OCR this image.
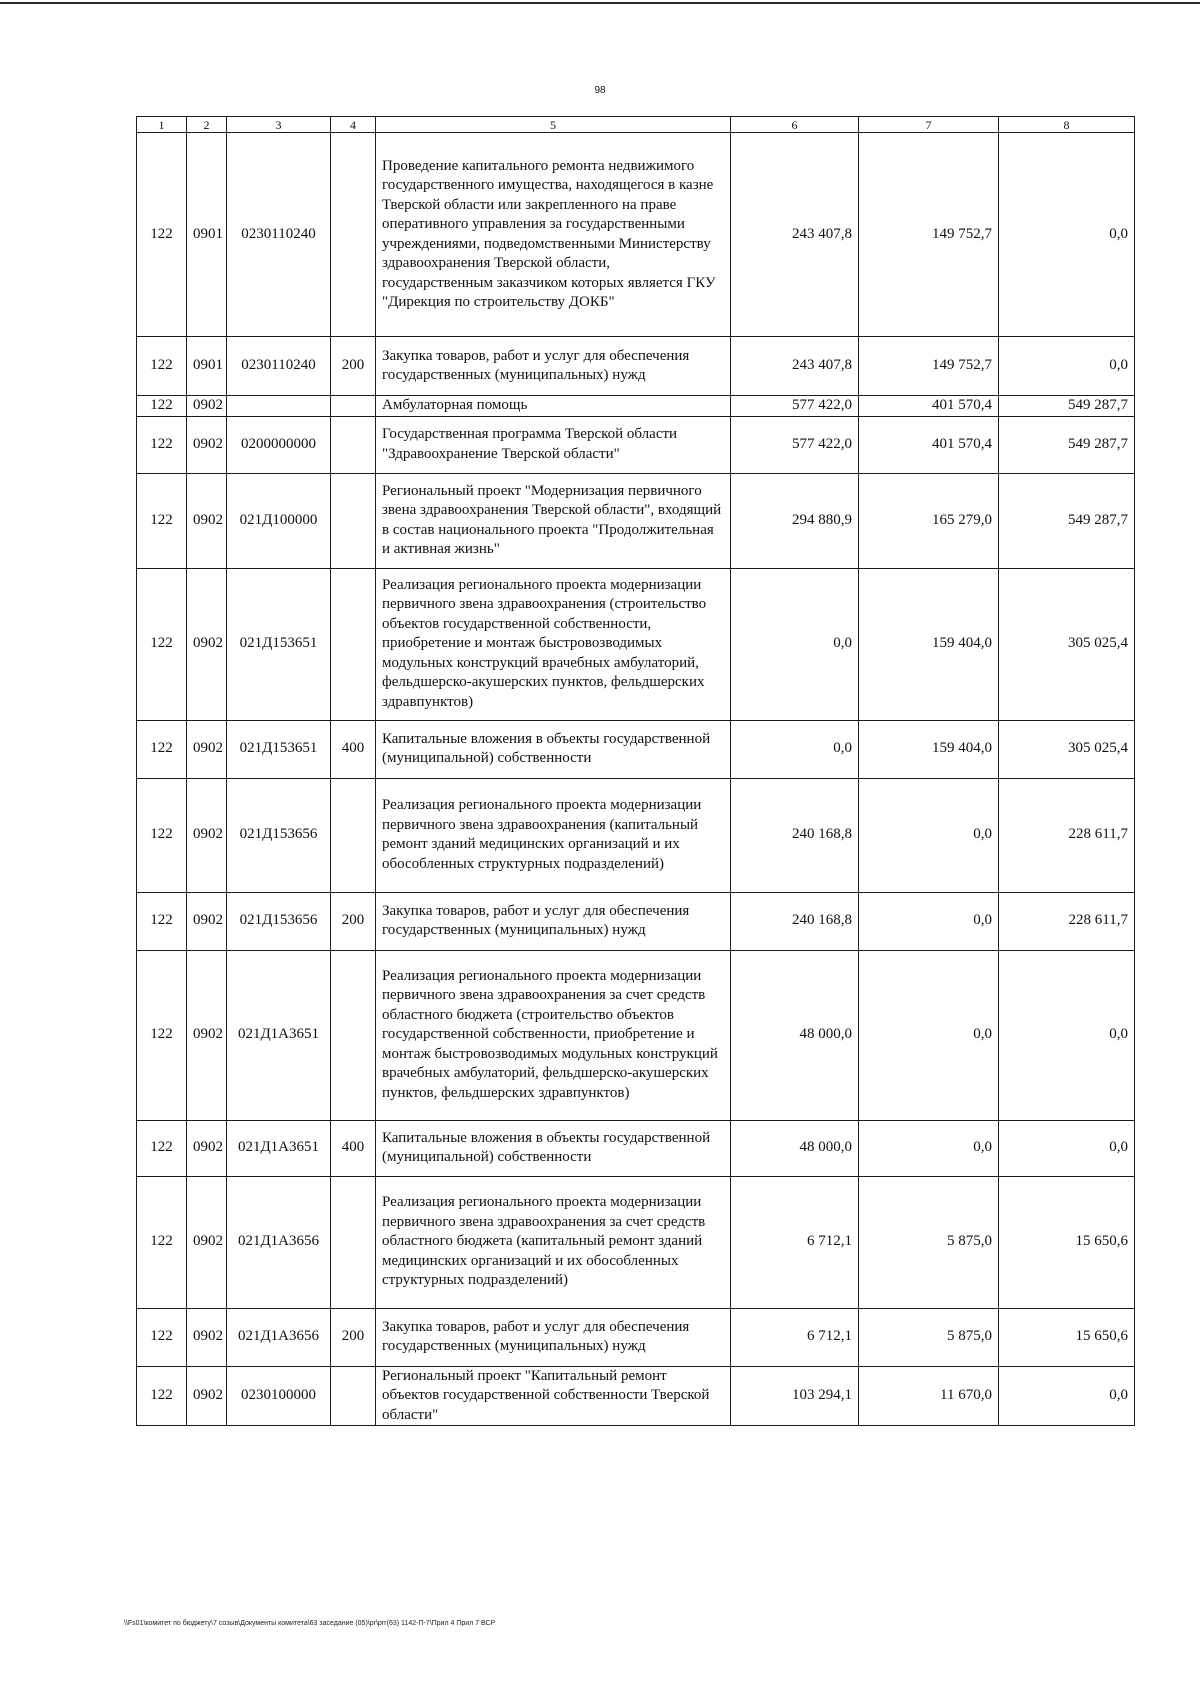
98
1	2	3	4	5	6	7	8
122	0901	0230110240		Проведение капитального ремонта недвижимого государственного имущества, находящегося в казне Тверской области или закрепленного на праве оперативного управления за государственными учреждениями, подведомственными Министерству здравоохранения Тверской области, государственным заказчиком которых является ГКУ "Дирекция по строительству ДОКБ"	243 407,8	149 752,7	0,0
122	0901	0230110240	200	Закупка товаров, работ и услуг для обеспечения государственных (муниципальных) нужд	243 407,8	149 752,7	0,0
122	0902			Амбулаторная помощь	577 422,0	401 570,4	549 287,7
122	0902	0200000000		Государственная программа Тверской области "Здравоохранение Тверской области"	577 422,0	401 570,4	549 287,7
122	0902	021Д100000		Региональный проект "Модернизация первичного звена здравоохранения Тверской области", входящий в состав национального проекта "Продолжительная и активная жизнь"	294 880,9	165 279,0	549 287,7
122	0902	021Д153651		Реализация регионального проекта модернизации первичного звена здравоохранения (строительство объектов государственной собственности, приобретение и монтаж быстровозводимых модульных конструкций врачебных амбулаторий, фельдшерско-акушерских пунктов, фельдшерских здравпунктов)	0,0	159 404,0	305 025,4
122	0902	021Д153651	400	Капитальные вложения в объекты государственной (муниципальной) собственности	0,0	159 404,0	305 025,4
122	0902	021Д153656		Реализация регионального проекта модернизации первичного звена здравоохранения (капитальный ремонт зданий медицинских организаций и их обособленных структурных подразделений)	240 168,8	0,0	228 611,7
122	0902	021Д153656	200	Закупка товаров, работ и услуг для обеспечения государственных (муниципальных) нужд	240 168,8	0,0	228 611,7
122	0902	021Д1А3651		Реализация регионального проекта модернизации первичного звена здравоохранения за счет средств областного бюджета (строительство объектов государственной собственности, приобретение и монтаж быстровозводимых модульных конструкций врачебных амбулаторий, фельдшерско-акушерских пунктов, фельдшерских здравпунктов)	48 000,0	0,0	0,0
122	0902	021Д1А3651	400	Капитальные вложения в объекты государственной (муниципальной) собственности	48 000,0	0,0	0,0
122	0902	021Д1А3656		Реализация регионального проекта модернизации первичного звена здравоохранения за счет средств областного бюджета (капитальный ремонт зданий медицинских организаций и их обособленных структурных подразделений)	6 712,1	5 875,0	15 650,6
122	0902	021Д1А3656	200	Закупка товаров, работ и услуг для обеспечения государственных (муниципальных) нужд	6 712,1	5 875,0	15 650,6
122	0902	0230100000		Региональный проект "Капитальный ремонт объектов государственной собственности Тверской области"	103 294,1	11 670,0	0,0
\\Fs01\комитет по бюджету\7 созыв\Документы комитета\63 заседание (05)\pr\prг(63) 1142-П-7\Прил 4 Прил 7 ВСР
